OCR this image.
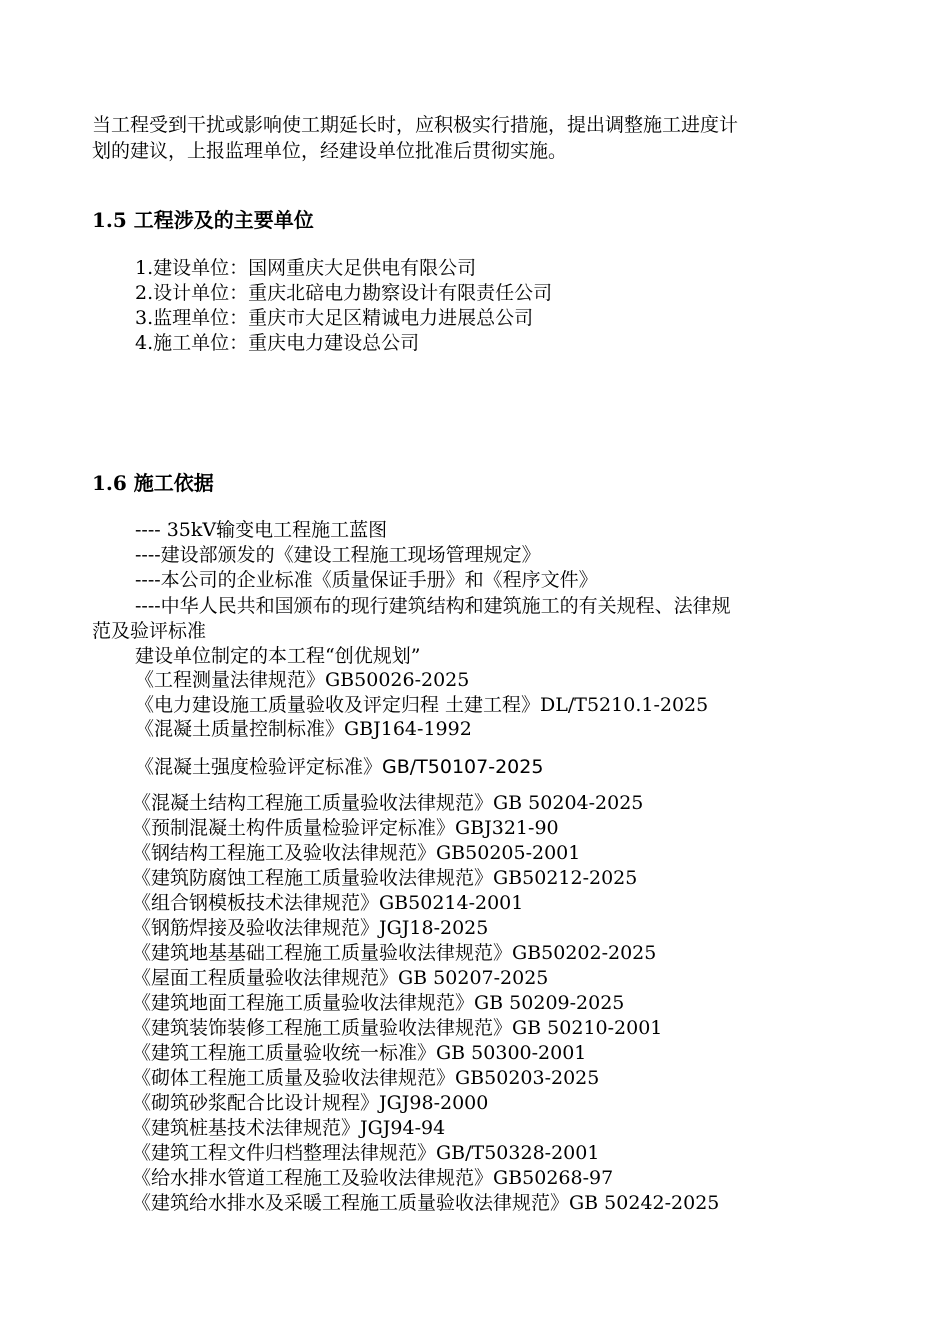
当工程受到干扰或影响使工期延长时，应积极实行措施，提出调整施工进度计
划的建议，上报监理单位，经建设单位批准后贯彻实施。
1.5 工程涉及的主要单位
1.建设单位：国网重庆大足供电有限公司
2.设计单位：重庆北碚电力勘察设计有限责任公司
3.监理单位：重庆市大足区精诚电力进展总公司
4.施工单位：重庆电力建设总公司
1.6 施工依据
---- 35kV输变电工程施工蓝图
----建设部颁发的《建设工程施工现场管理规定》
----本公司的企业标准《质量保证手册》和《程序文件》
----中华人民共和国颁布的现行建筑结构和建筑施工的有关规程、法律规
范及验评标准
建设单位制定的本工程“创优规划”
《工程测量法律规范》GB50026-2025
《电力建设施工质量验收及评定归程 土建工程》DL/T5210.1-2025
《混凝土质量控制标准》GBJ164-1992
《混凝土强度检验评定标准》GB/T50107-2025
《混凝土结构工程施工质量验收法律规范》GB 50204-2025
《预制混凝土构件质量检验评定标准》GBJ321-90
《钢结构工程施工及验收法律规范》GB50205-2001
《建筑防腐蚀工程施工质量验收法律规范》GB50212-2025
《组合钢模板技术法律规范》GB50214-2001
《钢筋焊接及验收法律规范》JGJ18-2025
《建筑地基基础工程施工质量验收法律规范》GB50202-2025
《屋面工程质量验收法律规范》GB 50207-2025
《建筑地面工程施工质量验收法律规范》GB 50209-2025
《建筑装饰装修工程施工质量验收法律规范》GB 50210-2001
《建筑工程施工质量验收统一标准》GB 50300-2001
《砌体工程施工质量及验收法律规范》GB50203-2025
《砌筑砂浆配合比设计规程》JGJ98-2000
《建筑桩基技术法律规范》JGJ94-94
《建筑工程文件归档整理法律规范》GB/T50328-2001
《给水排水管道工程施工及验收法律规范》GB50268-97
《建筑给水排水及采暖工程施工质量验收法律规范》GB 50242-2025
